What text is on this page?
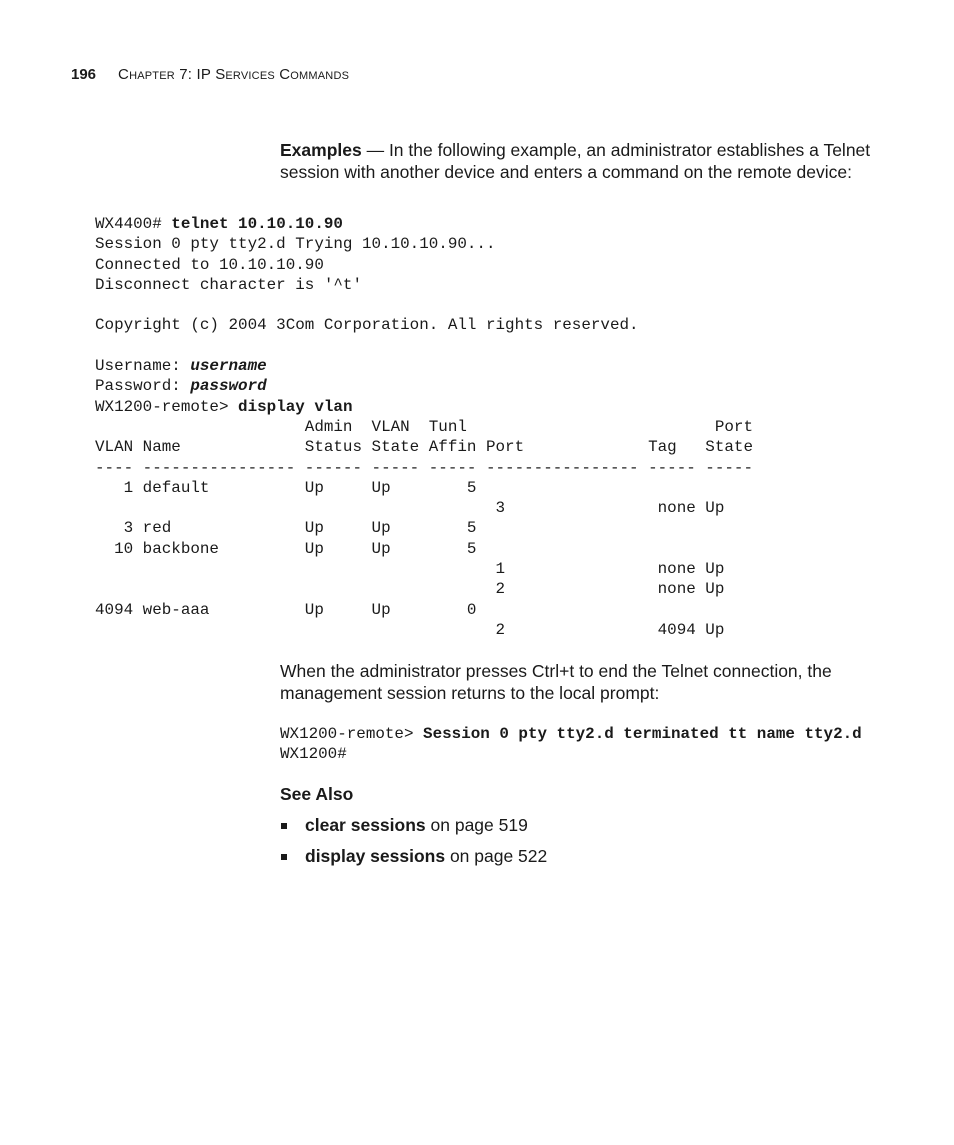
196 Chapter 7: IP Services Commands
Examples — In the following example, an administrator establishes a Telnet session with another device and enters a command on the remote device:
WX4400# telnet 10.10.10.90
Session 0 pty tty2.d Trying 10.10.10.90...
Connected to 10.10.10.90
Disconnect character is '^t'

Copyright (c) 2004 3Com Corporation. All rights reserved.

Username: username
Password: password
WX1200-remote> display vlan
Admin  VLAN  Tunl                          Port
VLAN Name             Status State Affin Port             Tag   State
---- ---------------- ------ ----- ----- ---------------- ----- -----
1 default          Up     Up        5
3                none Up
3 red              Up     Up        5
10 backbone         Up     Up        5
1                none Up
2                none Up
4094 web-aaa          Up     Up        0
2                4094 Up
When the administrator presses Ctrl+t to end the Telnet connection, the management session returns to the local prompt:
WX1200-remote> Session 0 pty tty2.d terminated tt name tty2.d
WX1200#
See Also
clear sessions on page 519
display sessions on page 522
